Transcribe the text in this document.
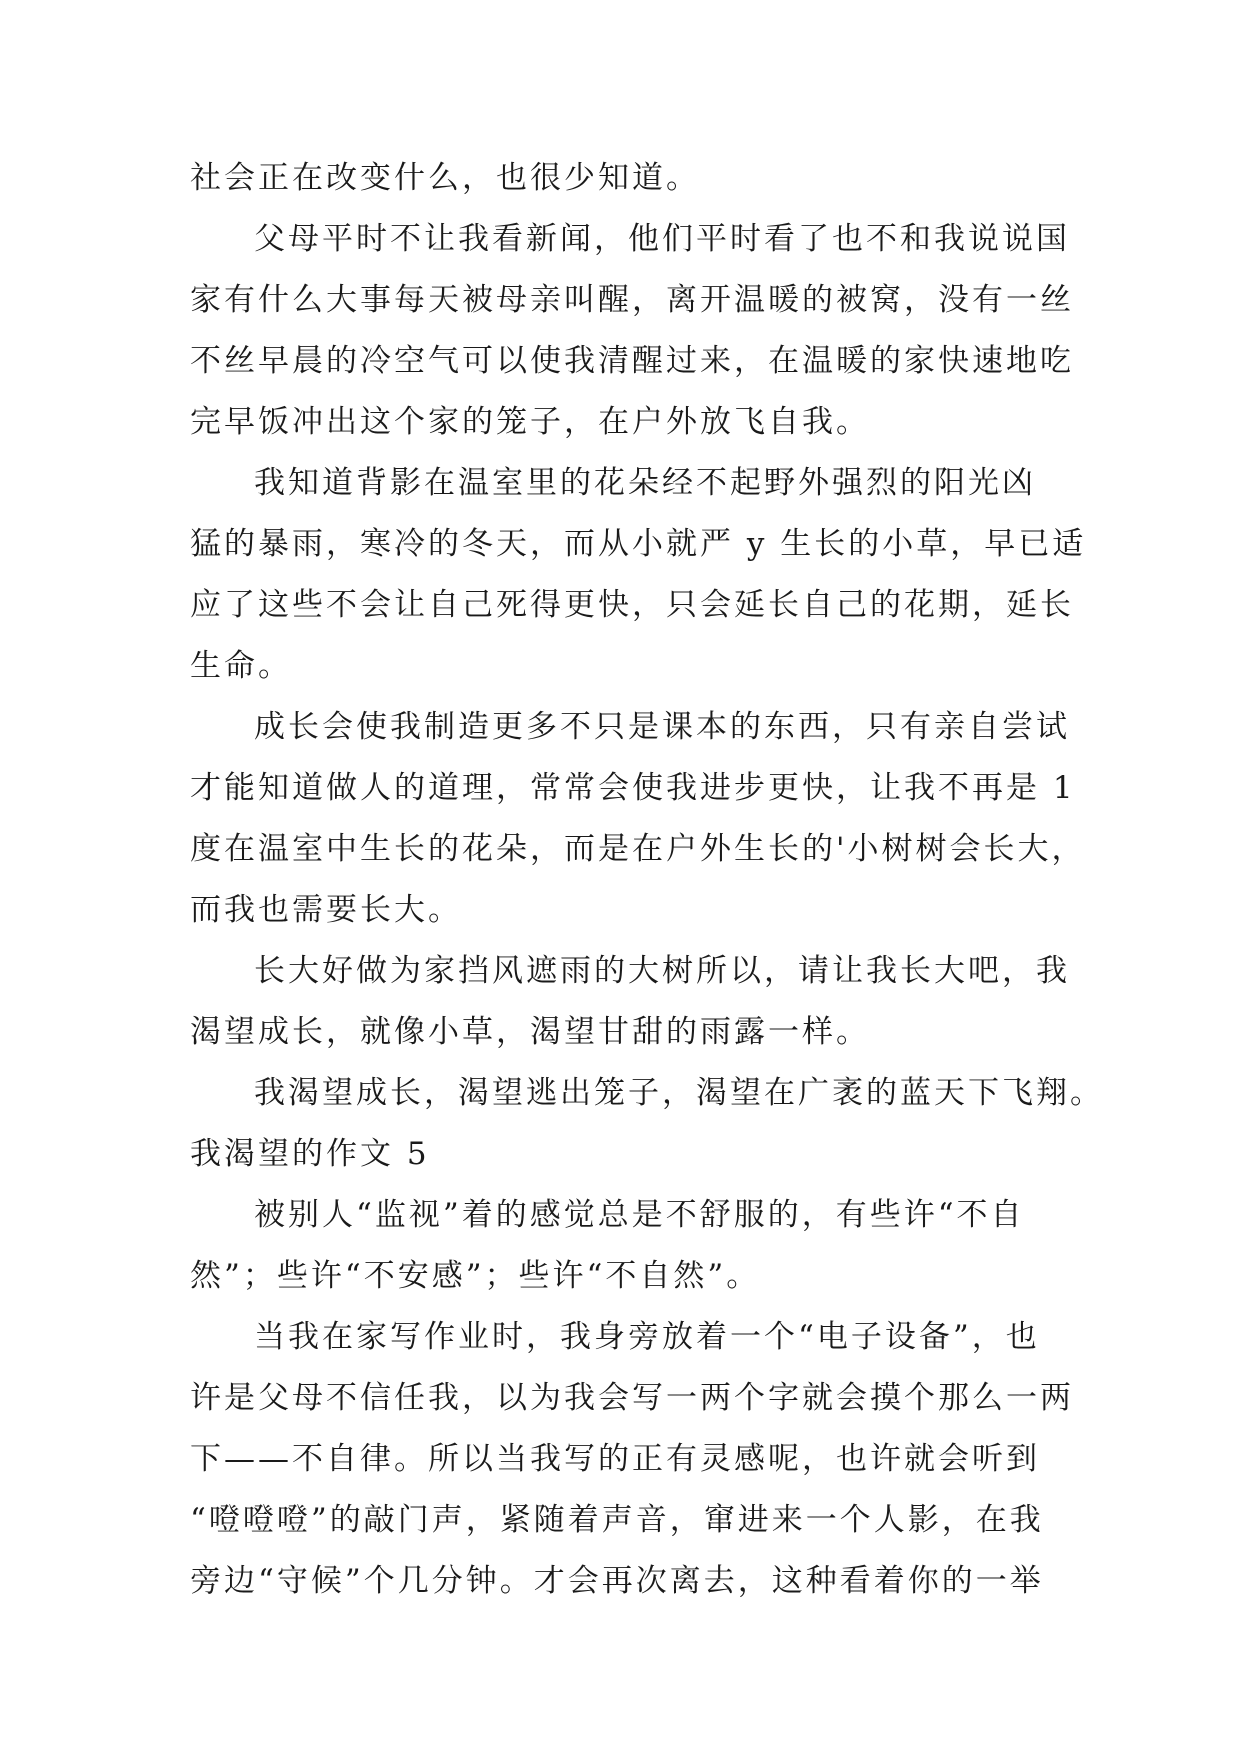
社会正在改变什么，也很少知道。
父母平时不让我看新闻，他们平时看了也不和我说说国
家有什么大事每天被母亲叫醒，离开温暖的被窝，没有一丝
不丝早晨的冷空气可以使我清醒过来，在温暖的家快速地吃
完早饭冲出这个家的笼子，在户外放飞自我。
我知道背影在温室里的花朵经不起野外强烈的阳光凶
猛的暴雨，寒冷的冬天，而从小就严 y 生长的小草，早已适
应了这些不会让自己死得更快，只会延长自己的花期，延长
生命。
成长会使我制造更多不只是课本的东西，只有亲自尝试
才能知道做人的道理，常常会使我进步更快，让我不再是 1
度在温室中生长的花朵，而是在户外生长的'小树树会长大，
而我也需要长大。
长大好做为家挡风遮雨的大树所以，请让我长大吧，我
渴望成长，就像小草，渴望甘甜的雨露一样。
我渴望成长，渴望逃出笼子，渴望在广袤的蓝天下飞翔。
我渴望的作文 5
被别人“监视”着的感觉总是不舒服的，有些许“不自
然”；些许“不安感”；些许“不自然”。
当我在家写作业时，我身旁放着一个“电子设备”，也
许是父母不信任我，以为我会写一两个字就会摸个那么一两
下——不自律。所以当我写的正有灵感呢，也许就会听到
“噔噔噔”的敲门声，紧随着声音，窜进来一个人影，在我
旁边“守候”个几分钟。才会再次离去，这种看着你的一举
